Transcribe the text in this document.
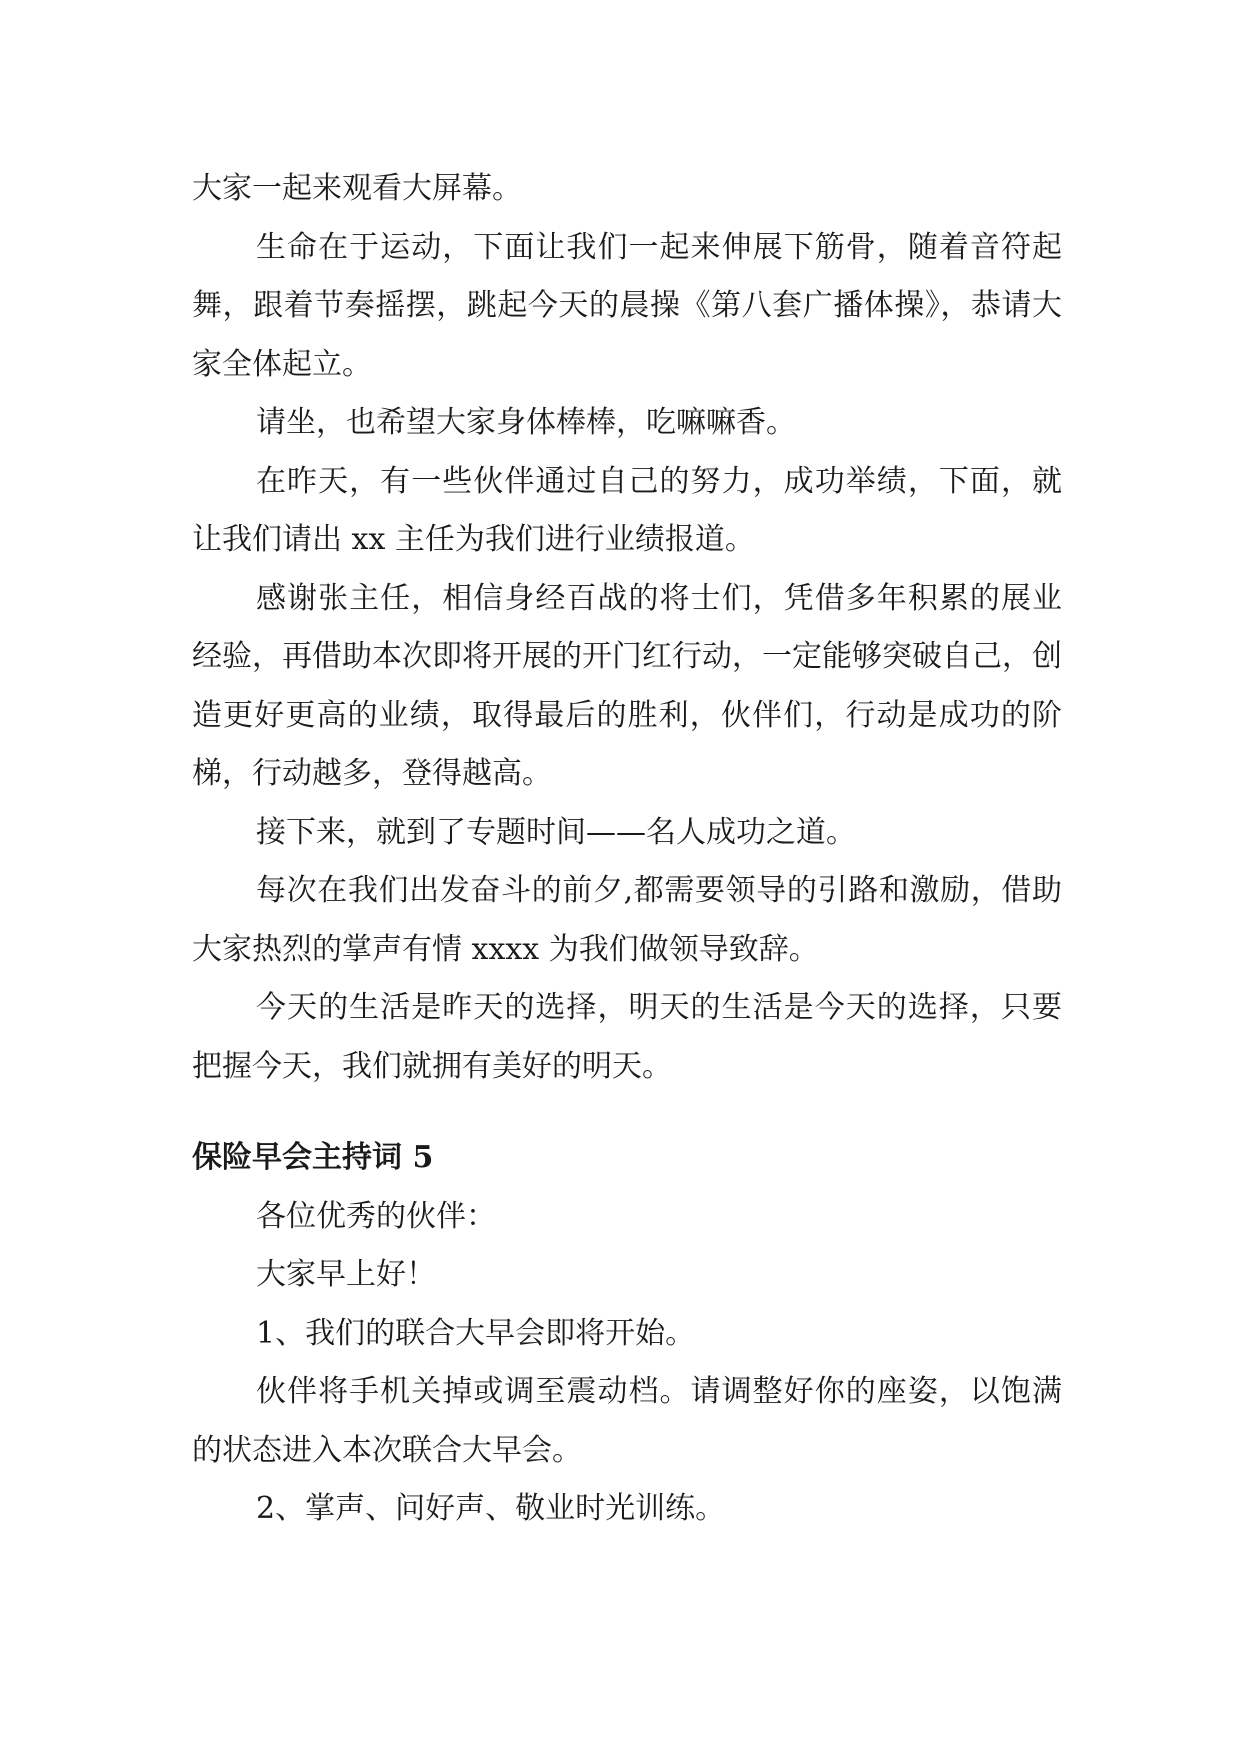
大家一起来观看大屏幕。

生命在于运动，下面让我们一起来伸展下筋骨，随着音符起舞，跟着节奏摇摆，跳起今天的晨操《第八套广播体操》，恭请大家全体起立。

请坐，也希望大家身体棒棒，吃嘛嘛香。

在昨天，有一些伙伴通过自己的努力，成功举绩，下面，就让我们请出 xx 主任为我们进行业绩报道。

感谢张主任，相信身经百战的将士们，凭借多年积累的展业经验，再借助本次即将开展的开门红行动，一定能够突破自己，创造更好更高的业绩，取得最后的胜利，伙伴们，行动是成功的阶梯，行动越多，登得越高。

接下来，就到了专题时间——名人成功之道。

每次在我们出发奋斗的前夕,都需要领导的引路和激励，借助大家热烈的掌声有情 xxxx 为我们做领导致辞。

今天的生活是昨天的选择，明天的生活是今天的选择，只要把握今天，我们就拥有美好的明天。

保险早会主持词 5

各位优秀的伙伴：

大家早上好！

1、我们的联合大早会即将开始。

伙伴将手机关掉或调至震动档。请调整好你的座姿，以饱满的状态进入本次联合大早会。

2、掌声、问好声、敬业时光训练。
